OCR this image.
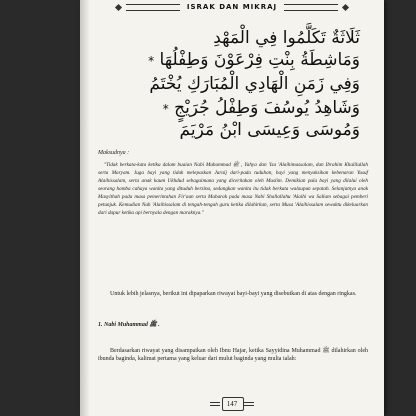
ISRAK DAN MIKRAJ
ثَلَاثَةٌ تَكَلَّمُوا فِي الْمَهْدِ
وَمَاشِطَةُ بِنْتِ فِرْعَوْنَ وَطِفْلُهَا *
وَفِي زَمَنِ الْهَادِي الْمُبَارَكِ يُخْتَمُ
وَشَاهِدُ يُوسُفَ وَطِفْلُ جُرَيْجٍ *
وَمُوسَى وَعِيسَى ابْنُ مَرْيَمَ
Maksudnya :
"Tidak berkata-kata ketika dalam buaian Nabi Muhammad ﷺ , Yahya dan 'Isa 'Alaihimassalam, dan Ibrahim Khalilullah serta Maryam. Juga bayi yang tidak melepaskan Juraij dari-pada tuduhan, bayi yang menyaksikan kebenaran Yusuf Alaihissalam, serta anak kaum Ukhdud sebagaimana yang diceritakan oleh Muslim. Demikian pula bayi yang dilalui oleh seorang hamba cahaya wanita yang dituduh berzina, sedangkan wanita itu tidak berkata walaupun sepatah. Selanjutnya anak Masyithah pada masa pemerintahan Fir'aun serta Mubarak pada masa Nabi Shallallahu 'Alaihi wa Sallam sebagai pemberi petunjuk. Kemudian Nuh 'Alaihissalam di tengah-tengah guru ketika dilahirkan, serta Musa 'Alaihissalam sewaktu dikeluarkan dari dapur ketika api bernyala dengan maraknya."
Untuk lebih jelasnya, berikut ini dipaparkan riwayat bayi-bayi yang disebutkan di atas dengan ringkas.
1. Nabi Muhammad ﷺ .
Berdasarkan riwayat yang disampaikan oleh Ibnu Hajar, ketika Sayyidina Muhammad ﷺ dilahirkan oleh ibunda baginda, kalimat pertama yang keluar dari mulut baginda yang mulia ialah:
147
